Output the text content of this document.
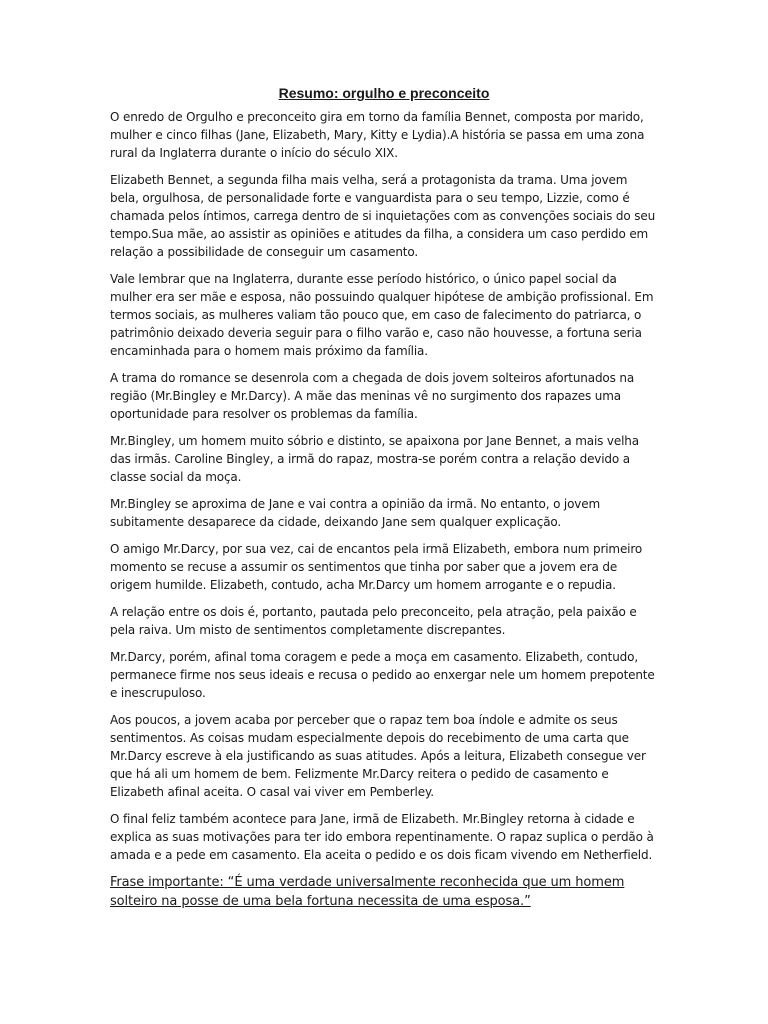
Resumo: orgulho e preconceito

O enredo de Orgulho e preconceito gira em torno da família Bennet, composta por marido, mulher e cinco filhas (Jane, Elizabeth, Mary, Kitty e Lydia).A história se passa em uma zona rural da Inglaterra durante o início do século XIX.

Elizabeth Bennet, a segunda filha mais velha, será a protagonista da trama. Uma jovem bela, orgulhosa, de personalidade forte e vanguardista para o seu tempo, Lizzie, como é chamada pelos íntimos, carrega dentro de si inquietações com as convenções sociais do seu tempo.Sua mãe, ao assistir as opiniões e atitudes da filha, a considera um caso perdido em relação a possibilidade de conseguir um casamento.

Vale lembrar que na Inglaterra, durante esse período histórico, o único papel social da mulher era ser mãe e esposa, não possuindo qualquer hipótese de ambição profissional. Em termos sociais, as mulheres valiam tão pouco que, em caso de falecimento do patriarca, o patrimônio deixado deveria seguir para o filho varão e, caso não houvesse, a fortuna seria encaminhada para o homem mais próximo da família.

A trama do romance se desenrola com a chegada de dois jovem solteiros afortunados na região (Mr.Bingley e Mr.Darcy). A mãe das meninas vê no surgimento dos rapazes uma oportunidade para resolver os problemas da família.

Mr.Bingley, um homem muito sóbrio e distinto, se apaixona por Jane Bennet, a mais velha das irmãs. Caroline Bingley, a irmã do rapaz, mostra-se porém contra a relação devido a classe social da moça.

Mr.Bingley se aproxima de Jane e vai contra a opinião da irmã. No entanto, o jovem subitamente desaparece da cidade, deixando Jane sem qualquer explicação.

O amigo Mr.Darcy, por sua vez, cai de encantos pela irmã Elizabeth, embora num primeiro momento se recuse a assumir os sentimentos que tinha por saber que a jovem era de origem humilde. Elizabeth, contudo, acha Mr.Darcy um homem arrogante e o repudia.

A relação entre os dois é, portanto, pautada pelo preconceito, pela atração, pela paixão e pela raiva. Um misto de sentimentos completamente discrepantes.

Mr.Darcy, porém, afinal toma coragem e pede a moça em casamento. Elizabeth, contudo, permanece firme nos seus ideais e recusa o pedido ao enxergar nele um homem prepotente e inescrupuloso.

Aos poucos, a jovem acaba por perceber que o rapaz tem boa índole e admite os seus sentimentos. As coisas mudam especialmente depois do recebimento de uma carta que Mr.Darcy escreve à ela justificando as suas atitudes. Após a leitura, Elizabeth consegue ver que há ali um homem de bem. Felizmente Mr.Darcy reitera o pedido de casamento e Elizabeth afinal aceita. O casal vai viver em Pemberley.

O final feliz também acontece para Jane, irmã de Elizabeth. Mr.Bingley retorna à cidade e explica as suas motivações para ter ido embora repentinamente. O rapaz suplica o perdão à amada e a pede em casamento. Ela aceita o pedido e os dois ficam vivendo em Netherfield.

Frase importante: “É uma verdade universalmente reconhecida que um homem solteiro na posse de uma bela fortuna necessita de uma esposa.”
